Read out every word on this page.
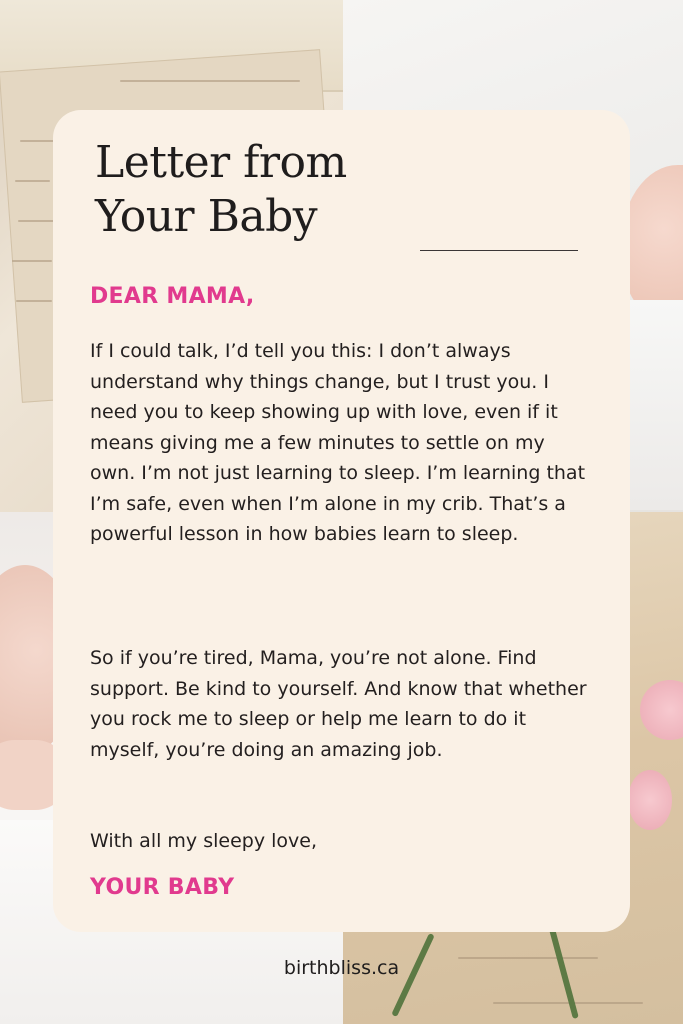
Letter from
Your Baby

DEAR MAMA,

If I could talk, I’d tell you this: I don’t always understand why things change, but I trust you. I need you to keep showing up with love, even if it means giving me a few minutes to settle on my own. I’m not just learning to sleep. I’m learning that I’m safe, even when I’m alone in my crib. That’s a powerful lesson in how babies learn to sleep.

So if you’re tired, Mama, you’re not alone. Find support. Be kind to yourself. And know that whether you rock me to sleep or help me learn to do it myself, you’re doing an amazing job.

With all my sleepy love,

YOUR BABY

birthbliss.ca
